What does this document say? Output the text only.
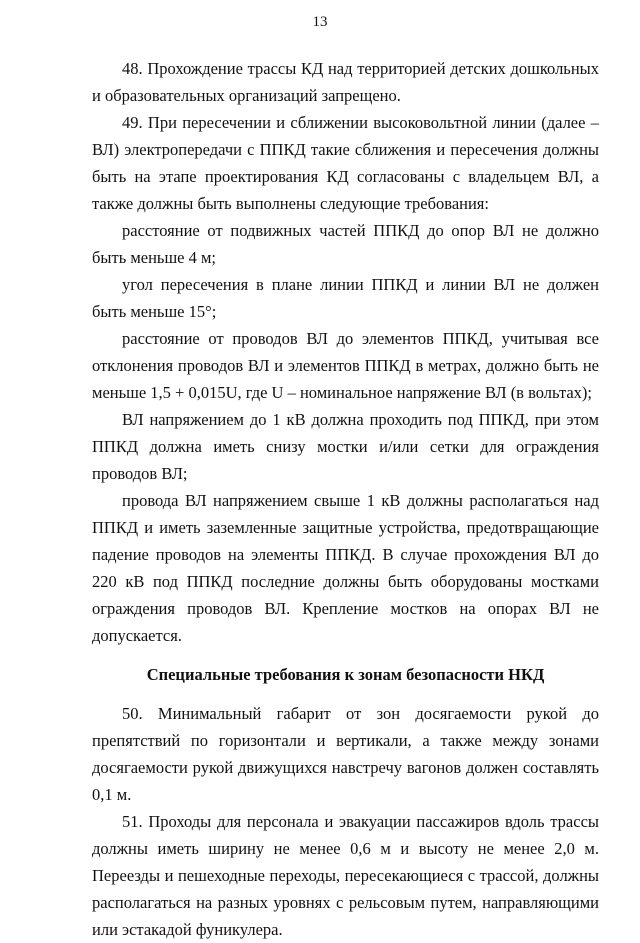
13

48. Прохождение трассы КД над территорией детских дошкольных и образовательных организаций запрещено.

49. При пересечении и сближении высоковольтной линии (далее – ВЛ) электропередачи с ППКД такие сближения и пересечения должны быть на этапе проектирования КД согласованы с владельцем ВЛ, а также должны быть выполнены следующие требования:

расстояние от подвижных частей ППКД до опор ВЛ не должно быть меньше 4 м;

угол пересечения в плане линии ППКД и линии ВЛ не должен быть меньше 15°;

расстояние от проводов ВЛ до элементов ППКД, учитывая все отклонения проводов ВЛ и элементов ППКД в метрах, должно быть не меньше 1,5 + 0,015U, где U – номинальное напряжение ВЛ (в вольтах);

ВЛ напряжением до 1 кВ должна проходить под ППКД, при этом ППКД должна иметь снизу мостки и/или сетки для ограждения проводов ВЛ;

провода ВЛ напряжением свыше 1 кВ должны располагаться над ППКД и иметь заземленные защитные устройства, предотвращающие падение проводов на элементы ППКД. В случае прохождения ВЛ до 220 кВ под ППКД последние должны быть оборудованы мостками ограждения проводов ВЛ. Крепление мостков на опорах ВЛ не допускается.

Специальные требования к зонам безопасности НКД

50. Минимальный габарит от зон досягаемости рукой до препятствий по горизонтали и вертикали, а также между зонами досягаемости рукой движущихся навстречу вагонов должен составлять 0,1 м.

51. Проходы для персонала и эвакуации пассажиров вдоль трассы должны иметь ширину не менее 0,6 м и высоту не менее 2,0 м. Переезды и пешеходные переходы, пересекающиеся с трассой, должны располагаться на разных уровнях с рельсовым путем, направляющими или эстакадой фуникулера.
